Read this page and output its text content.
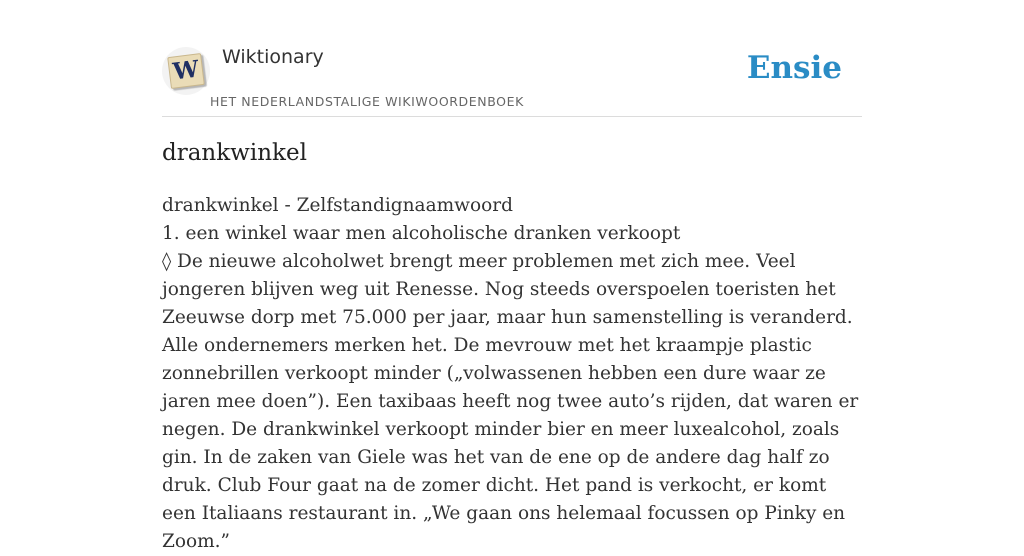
W Wiktionary
HET NEDERLANDSTALIGE WIKIWOORDENBOEK
Ensie
drankwinkel

drankwinkel - Zelfstandignaamwoord

1. een winkel waar men alcoholische dranken verkoopt

◊ De nieuwe alcoholwet brengt meer problemen met zich mee. Veel jongeren blijven weg uit Renesse. Nog steeds overspoelen toeristen het Zeeuwse dorp met 75.000 per jaar, maar hun samenstelling is veranderd. Alle ondernemers merken het. De mevrouw met het kraampje plastic zonnebrillen verkoopt minder („volwassenen hebben een dure waar ze jaren mee doen”). Een taxibaas heeft nog twee auto’s rijden, dat waren er negen. De drankwinkel verkoopt minder bier en meer luxealcohol, zoals gin. In de zaken van Giele was het van de ene op de andere dag half zo druk. Club Four gaat na de zomer dicht. Het pand is verkocht, er komt een Italiaans restaurant in. „We gaan ons helemaal focussen op Pinky en Zoom.”
